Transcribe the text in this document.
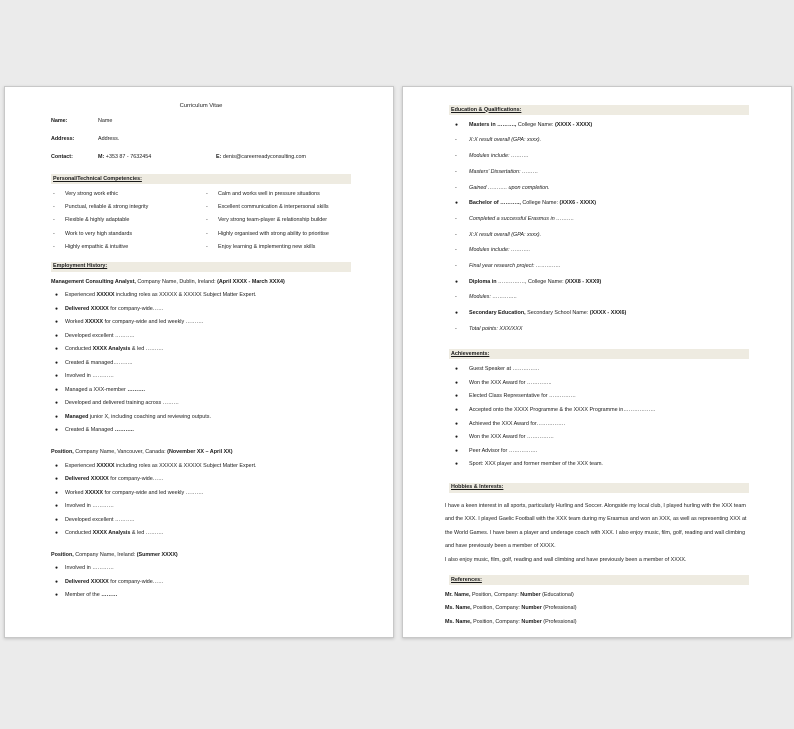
Curriculum Vitae
Name:	Name
Address:	Address.
Contact:	M: +353 87 - 7632454	E: denis@careerreadyconsulting.com
Personal/Technical Competencies:
- Very strong work ethic	- Calm and works well in pressure situations
- Punctual, reliable & strong integrity	- Excellent communication & interpersonal skills
- Flexible & highly adaptable	- Very strong team-player & relationship builder
- Work to very high standards	- Highly organised with strong ability to prioritise
- Highly empathic & intuitive	- Enjoy learning & implementing new skills
Employment History:
Management Consulting Analyst, Company Name, Dublin, Ireland: (April XXXX - March XXX4)
● Experienced XXXXX including roles as XXXXX & XXXXX Subject Matter Expert.
● Delivered XXXXX for company-wide……
● Worked XXXXX for company-wide and led weekly ……….
● Developed excellent ………..
● Conducted XXXX Analysis & led ……….
● Created & managed………..
● Involved in …………
● Managed a XXX-member ……….
● Developed and delivered training across ………
● Managed junior X, including coaching and reviewing outputs.
● Created & Managed ………..
Position, Company Name, Vancouver, Canada: (November XX – April XX)
● Experienced XXXXX including roles as XXXXX & XXXXX Subject Matter Expert.
● Delivered XXXXX for company-wide……
● Worked XXXXX for company-wide and led weekly ……….
● Involved in …………
● Developed excellent ………..
● Conducted XXXX Analysis & led ……….
Position, Company Name, Ireland: (Summer XXXX)
● Involved in …………
● Delivered XXXXX for company-wide……
● Member of the ………
Education & Qualifications:
● Masters in ………., College Name: (XXXX - XXXX)
- X:X result overall (GPA: xxxx).
- Modules include: ……….
- Masters’ Dissertation: ………
- Gained ……….. upon completion.
● Bachelor of ……….., College Name: (XXX6 - XXXX)
- Completed a successful Erasmus in ……….
- X:X result overall (GPA: xxxx).
- Modules include: ………..
- Final year research project: …………..
● Diploma in ……………, College Name: (XXX8 - XXX9)
- Modules: …………..
● Secondary Education, Secondary School Name: (XXXX - XXX6)
- Total points: XXX/XXX
Achievements:
● Guest Speaker at ……………
● Won the XXX Award for …………..
● Elected Class Representative for ……………
● Accepted onto the XXXX Programme & the XXXX Programme in………………
● Achieved the XXX Award for…………….
● Won the XXX Award for ……………
● Peer Advisor for …………….
● Sport: XXX player and former member of the XXX team.
Hobbies & Interests:

I have a keen interest in all sports, particularly Hurling and Soccer. Alongside my local club, I played hurling with the XXX team and the XXX. I played Gaelic Football with the XXX team during my Erasmus and won an XXX, as well as representing XXX at the World Games. I have been a player and underage coach with XXX. I also enjoy music, film, golf, reading and wall climbing and have previously been a member of XXXX.

I also enjoy music, film, golf, reading and wall climbing and have previously been a member of XXXX.

References:
Mr. Name, Position, Company: Number (Educational)
Ms. Name, Position, Company: Number (Professional)
Ms. Name, Position, Company: Number (Professional)
